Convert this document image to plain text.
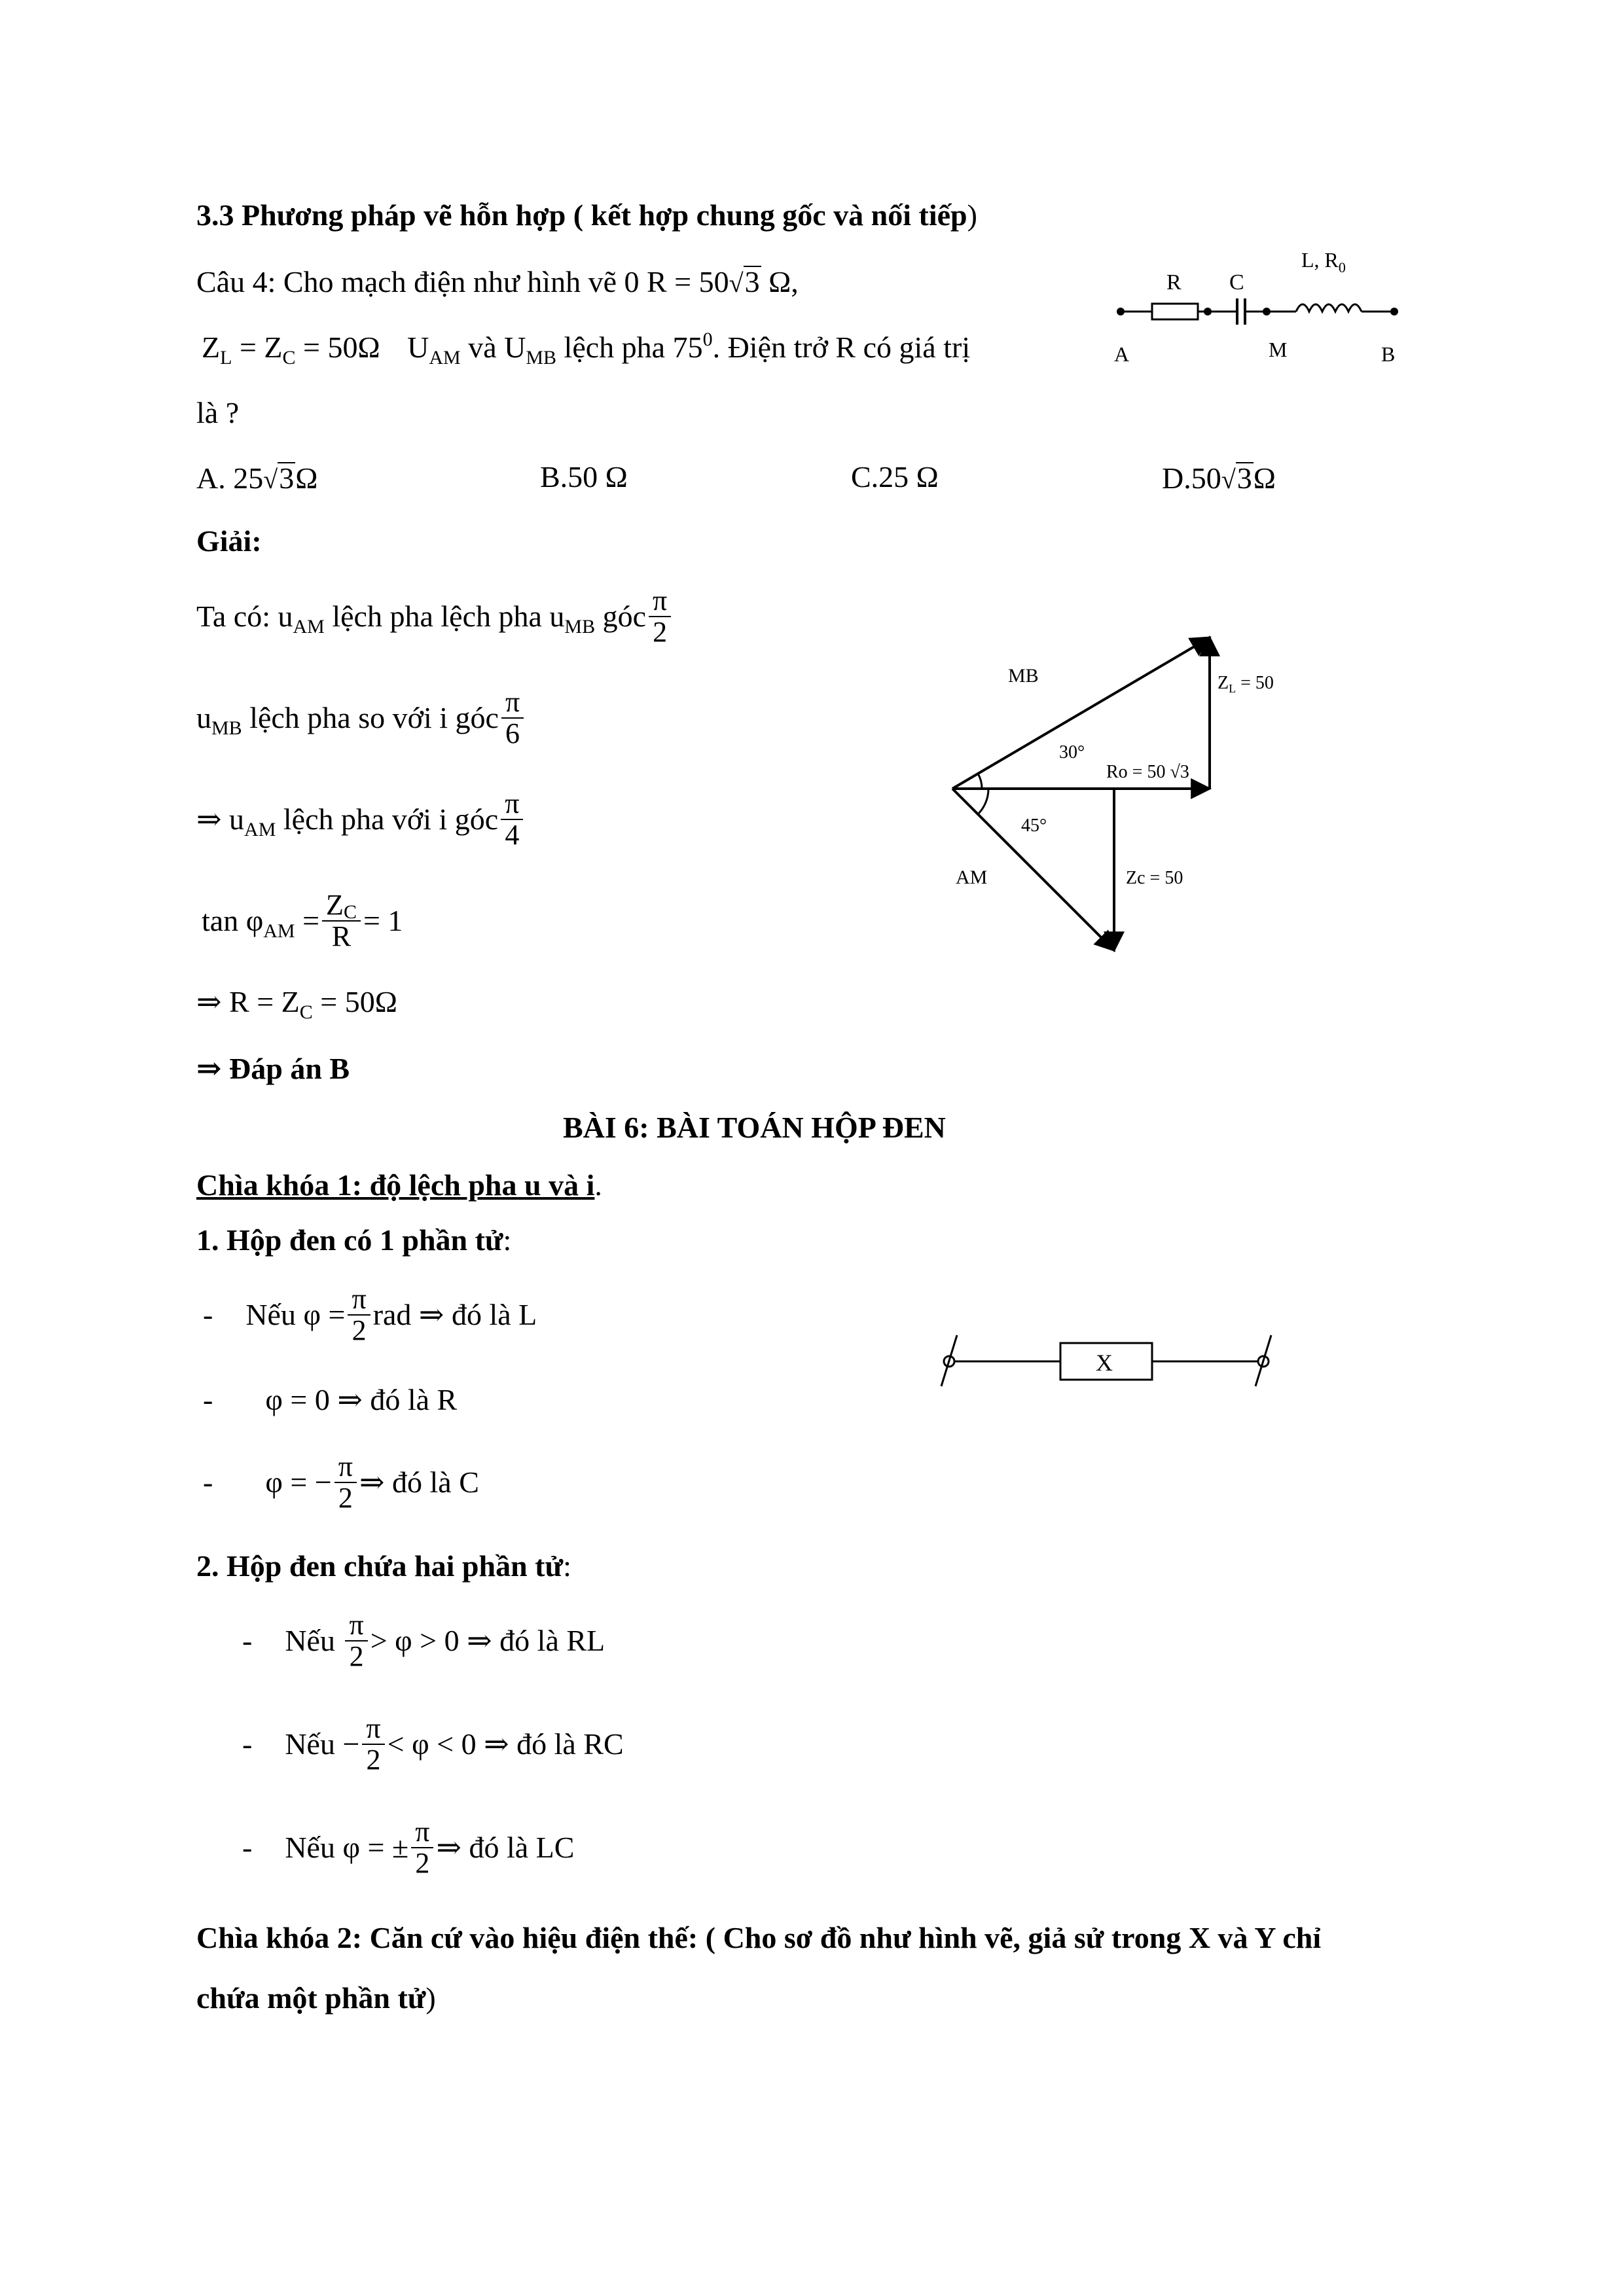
3.3 Phương pháp vẽ hỗn hợp ( kết hợp chung gốc và nối tiếp)
Câu 4: Cho mạch điện như hình vẽ 0 R = 50√3 Ω,
$Z_L = Z_C = 50\Omega$ $U_{AM}$ và $U_{MB}$ lệch pha $75^0$. Điện trở R có giá trị
là ?
A. 25√3Ω	B.50 Ω	C.25 Ω	D.50√3Ω
R C
L, $R_0$
A	M	B
Giải:
Ta có: $u_{AM}$ lệch pha lệch pha $u_{MB}$ góc $\frac{\pi}{2}$
$u_{MB}$ lệch pha so với i góc $\frac{\pi}{6}$
⇒ $u_{AM}$ lệch pha với i góc $\frac{\pi}{4}$
$\tan \varphi_{AM} = \frac{ZC}{R} = 1$
⇒ $R = Z_C = 50\Omega$
⇒ Đáp án B
MB	$Z_L = 50$
30°
Ro = 50 √3
45°
AM	Zc = 50
BÀI 6: BÀI TOÁN HỘP ĐEN
Chìa khóa 1: độ lệch pha u và i.
1. Hộp đen có 1 phần tử:
- Nếu $\varphi = \frac{\pi}{2}$ rad ⇒ đó là L
- φ = 0 ⇒ đó là R
- φ = − $\frac{\pi}{2}$ ⇒ đó là C
X
2. Hộp đen chứa hai phần tử:
- Nếu $\frac{\pi}{2} > \varphi > 0$ ⇒ đó là RL
- Nếu − $\frac{\pi}{2} < \varphi < 0$ ⇒ đó là RC
- Nếu φ = ± $\frac{\pi}{2}$ ⇒ đó là LC
Chìa khóa 2: Căn cứ vào hiệu điện thế: ( Cho sơ đồ như hình vẽ, giả sử trong X và Y chỉ
chứa một phần tử)
